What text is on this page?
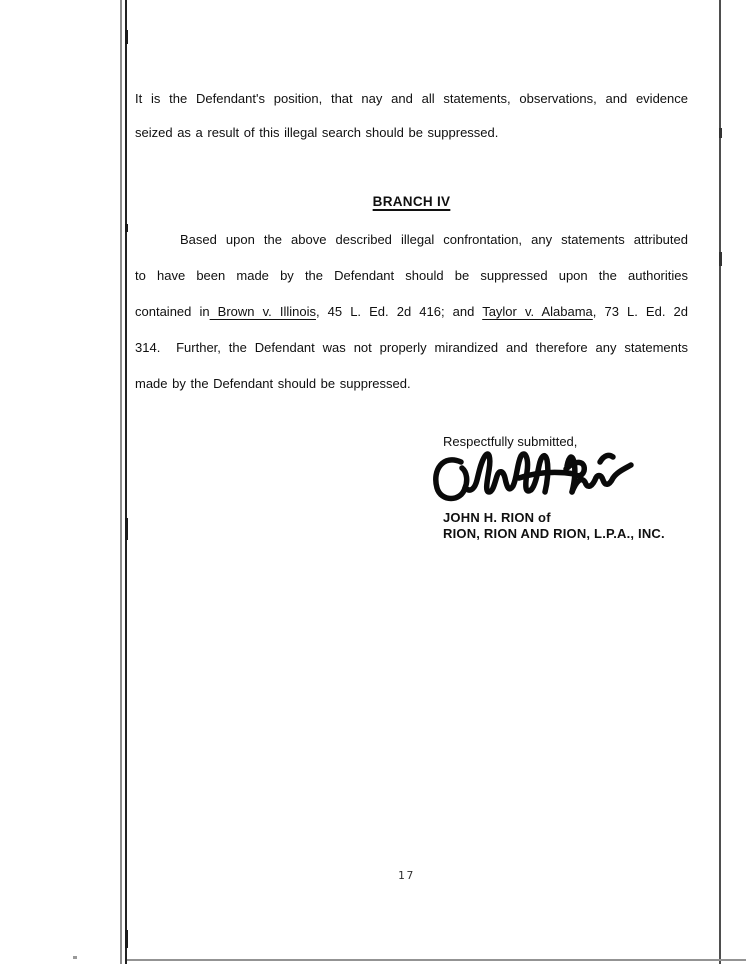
It is the Defendant's position, that nay and all statements, observations, and evidence
seized as a result of this illegal search should be suppressed.
BRANCH IV
Based upon the above described illegal confrontation, any statements attributed
to have been made by the Defendant should be suppressed upon the authorities
contained in Brown v. Illinois, 45 L. Ed. 2d 416; and Taylor v. Alabama, 73 L. Ed. 2d
314.  Further, the Defendant was not properly mirandized and therefore any statements
made by the Defendant should be suppressed.
Respectfully submitted,
JOHN H. RION of
RION, RION AND RION, L.P.A., INC.
17
